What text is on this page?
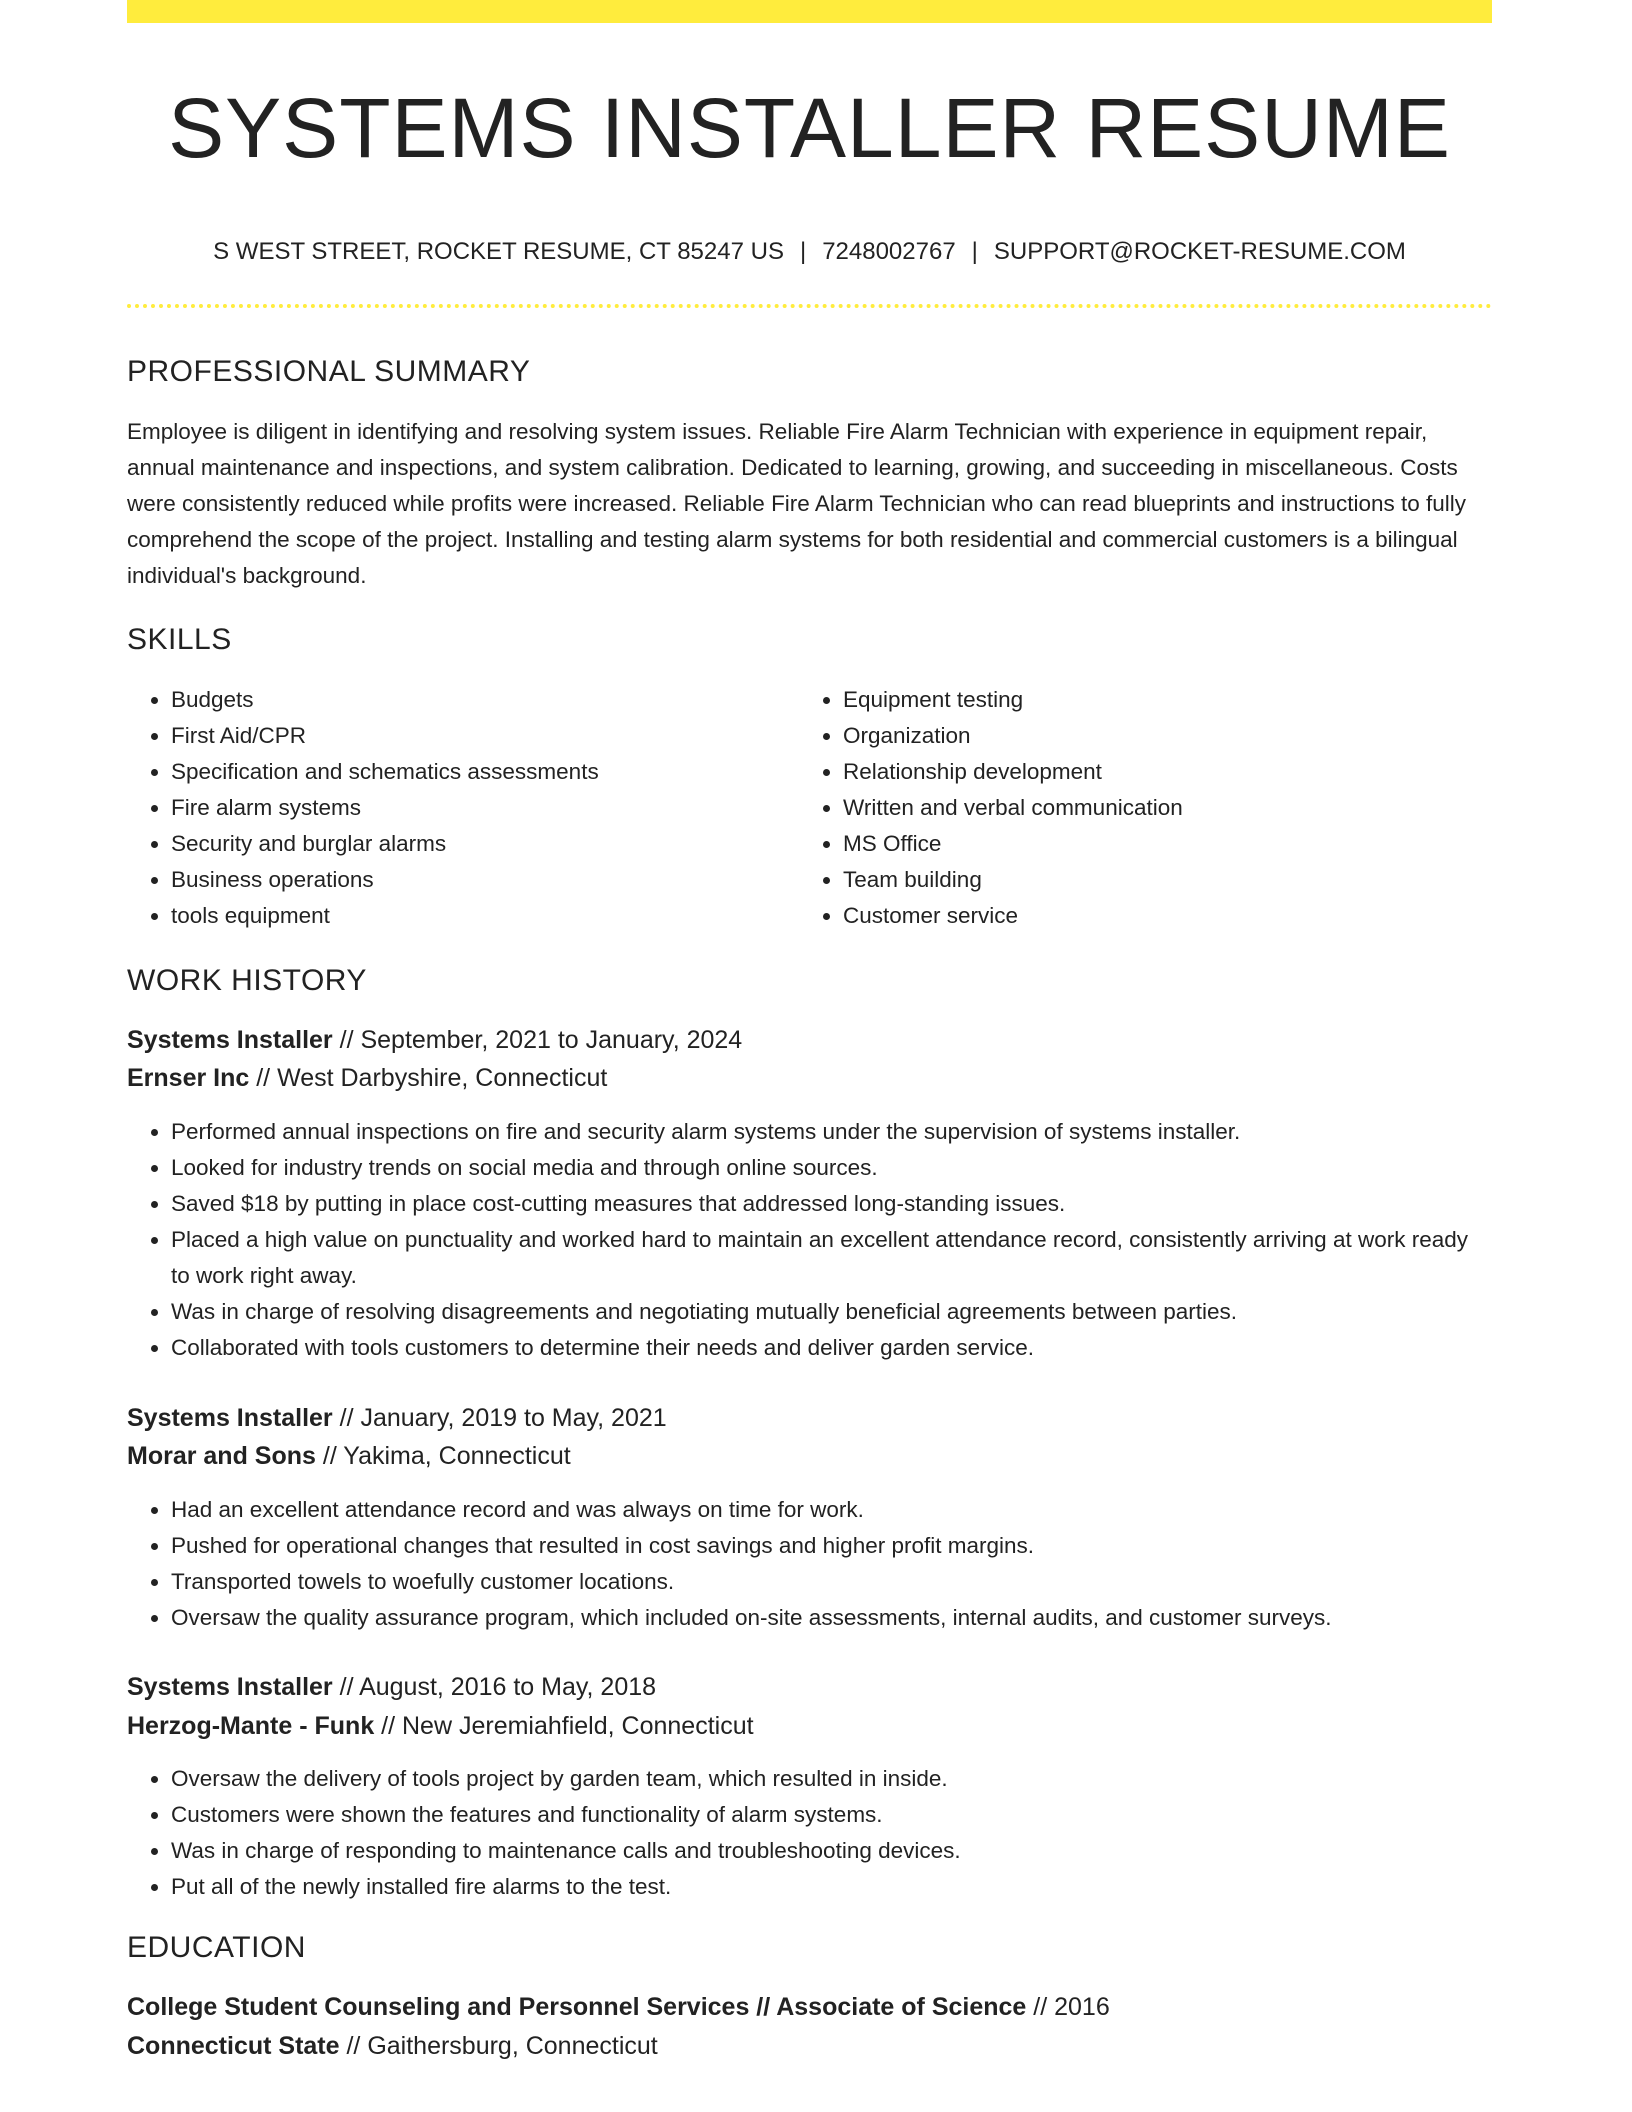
SYSTEMS INSTALLER RESUME
S WEST STREET, ROCKET RESUME, CT 85247 US | 7248002767 | SUPPORT@ROCKET-RESUME.COM
PROFESSIONAL SUMMARY

Employee is diligent in identifying and resolving system issues. Reliable Fire Alarm Technician with experience in equipment repair, annual maintenance and inspections, and system calibration. Dedicated to learning, growing, and succeeding in miscellaneous. Costs were consistently reduced while profits were increased. Reliable Fire Alarm Technician who can read blueprints and instructions to fully comprehend the scope of the project. Installing and testing alarm systems for both residential and commercial customers is a bilingual individual's background.

SKILLS
• Budgets
• First Aid/CPR
• Specification and schematics assessments
• Fire alarm systems
• Security and burglar alarms
• Business operations
• tools equipment
• Equipment testing
• Organization
• Relationship development
• Written and verbal communication
• MS Office
• Team building
• Customer service
WORK HISTORY
Systems Installer // September, 2021 to January, 2024
Ernser Inc // West Darbyshire, Connecticut
• Performed annual inspections on fire and security alarm systems under the supervision of systems installer.
• Looked for industry trends on social media and through online sources.
• Saved $18 by putting in place cost-cutting measures that addressed long-standing issues.
• Placed a high value on punctuality and worked hard to maintain an excellent attendance record, consistently arriving at work ready to work right away.
• Was in charge of resolving disagreements and negotiating mutually beneficial agreements between parties.
• Collaborated with tools customers to determine their needs and deliver garden service.
Systems Installer // January, 2019 to May, 2021
Morar and Sons // Yakima, Connecticut
• Had an excellent attendance record and was always on time for work.
• Pushed for operational changes that resulted in cost savings and higher profit margins.
• Transported towels to woefully customer locations.
• Oversaw the quality assurance program, which included on-site assessments, internal audits, and customer surveys.
Systems Installer // August, 2016 to May, 2018
Herzog-Mante - Funk // New Jeremiahfield, Connecticut
• Oversaw the delivery of tools project by garden team, which resulted in inside.
• Customers were shown the features and functionality of alarm systems.
• Was in charge of responding to maintenance calls and troubleshooting devices.
• Put all of the newly installed fire alarms to the test.
EDUCATION
College Student Counseling and Personnel Services // Associate of Science // 2016
Connecticut State // Gaithersburg, Connecticut
